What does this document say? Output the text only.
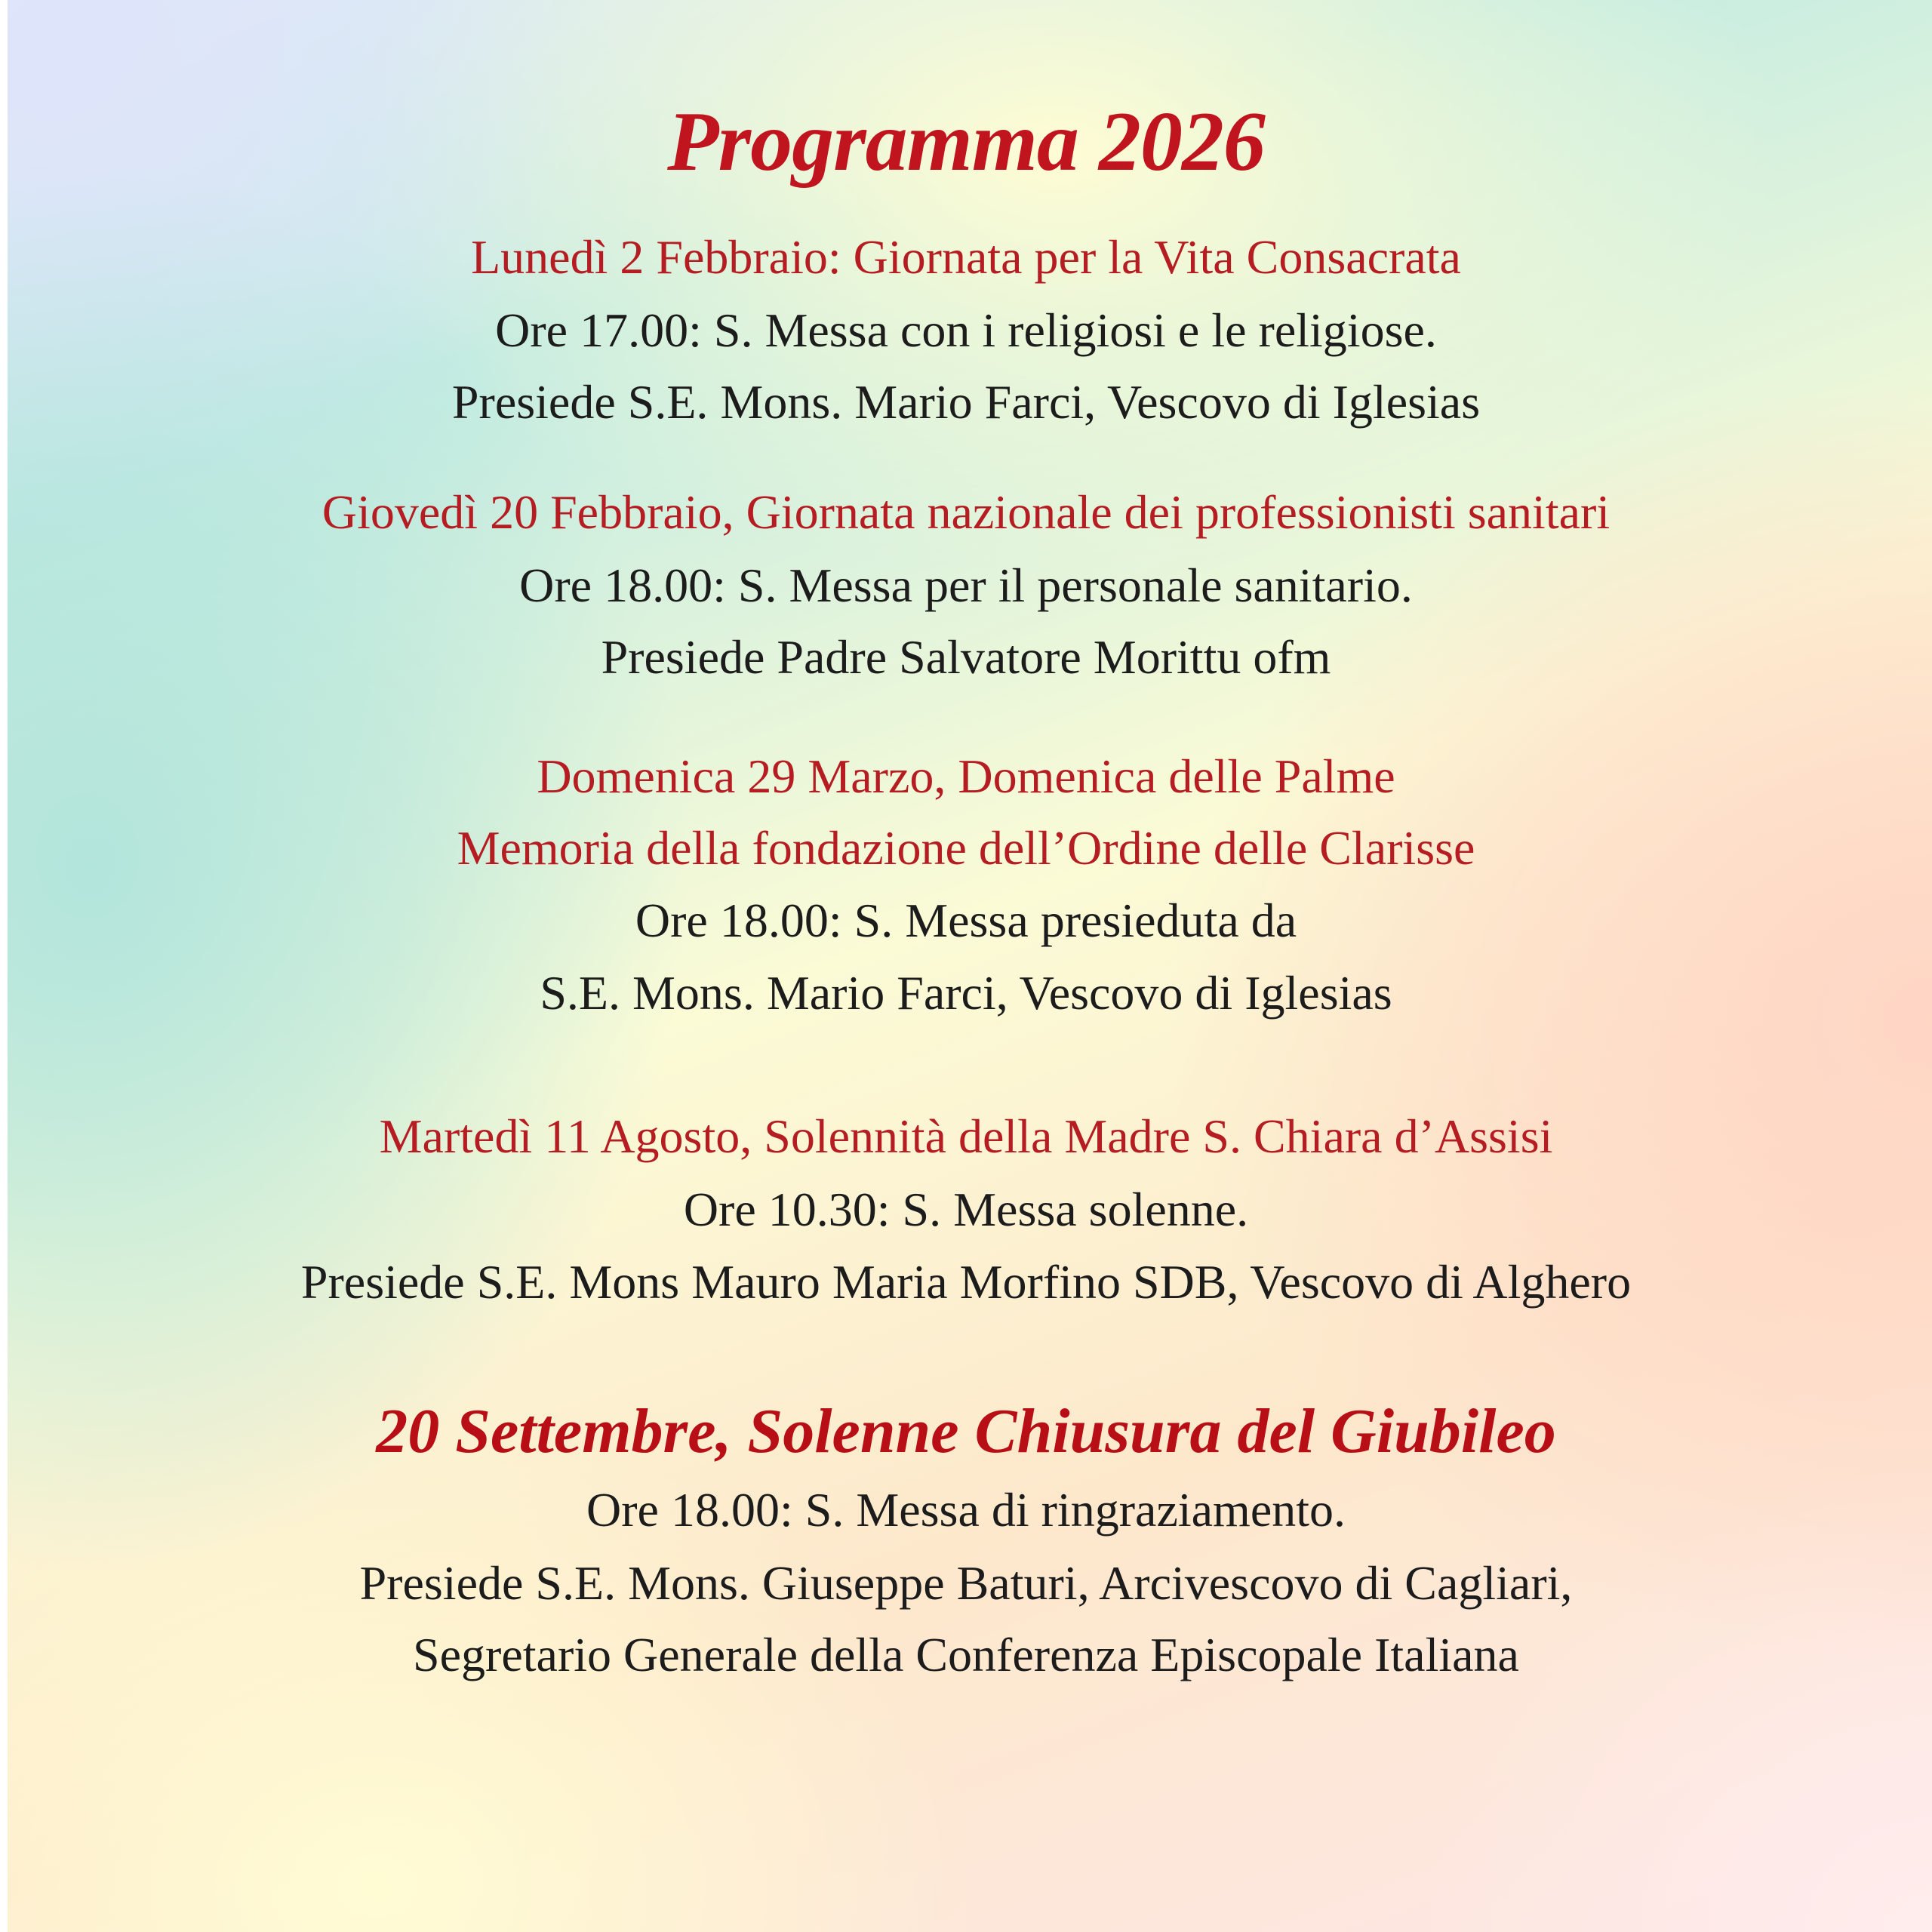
Programma 2026
Lunedì 2 Febbraio: Giornata per la Vita Consacrata
Ore 17.00: S. Messa con i religiosi e le religiose.
Presiede S.E. Mons. Mario Farci, Vescovo di Iglesias
Giovedì 20 Febbraio, Giornata nazionale dei professionisti sanitari
Ore 18.00: S. Messa per il personale sanitario.
Presiede Padre Salvatore Morittu ofm
Domenica 29 Marzo, Domenica delle Palme
Memoria della fondazione dell’Ordine delle Clarisse
Ore 18.00: S. Messa presieduta da
S.E. Mons. Mario Farci, Vescovo di Iglesias
Martedì 11 Agosto, Solennità della Madre S. Chiara d’Assisi
Ore 10.30: S. Messa solenne.
Presiede S.E. Mons Mauro Maria Morfino SDB, Vescovo di Alghero
20 Settembre, Solenne Chiusura del Giubileo
Ore 18.00: S. Messa di ringraziamento.
Presiede S.E. Mons. Giuseppe Baturi, Arcivescovo di Cagliari,
Segretario Generale della Conferenza Episcopale Italiana
